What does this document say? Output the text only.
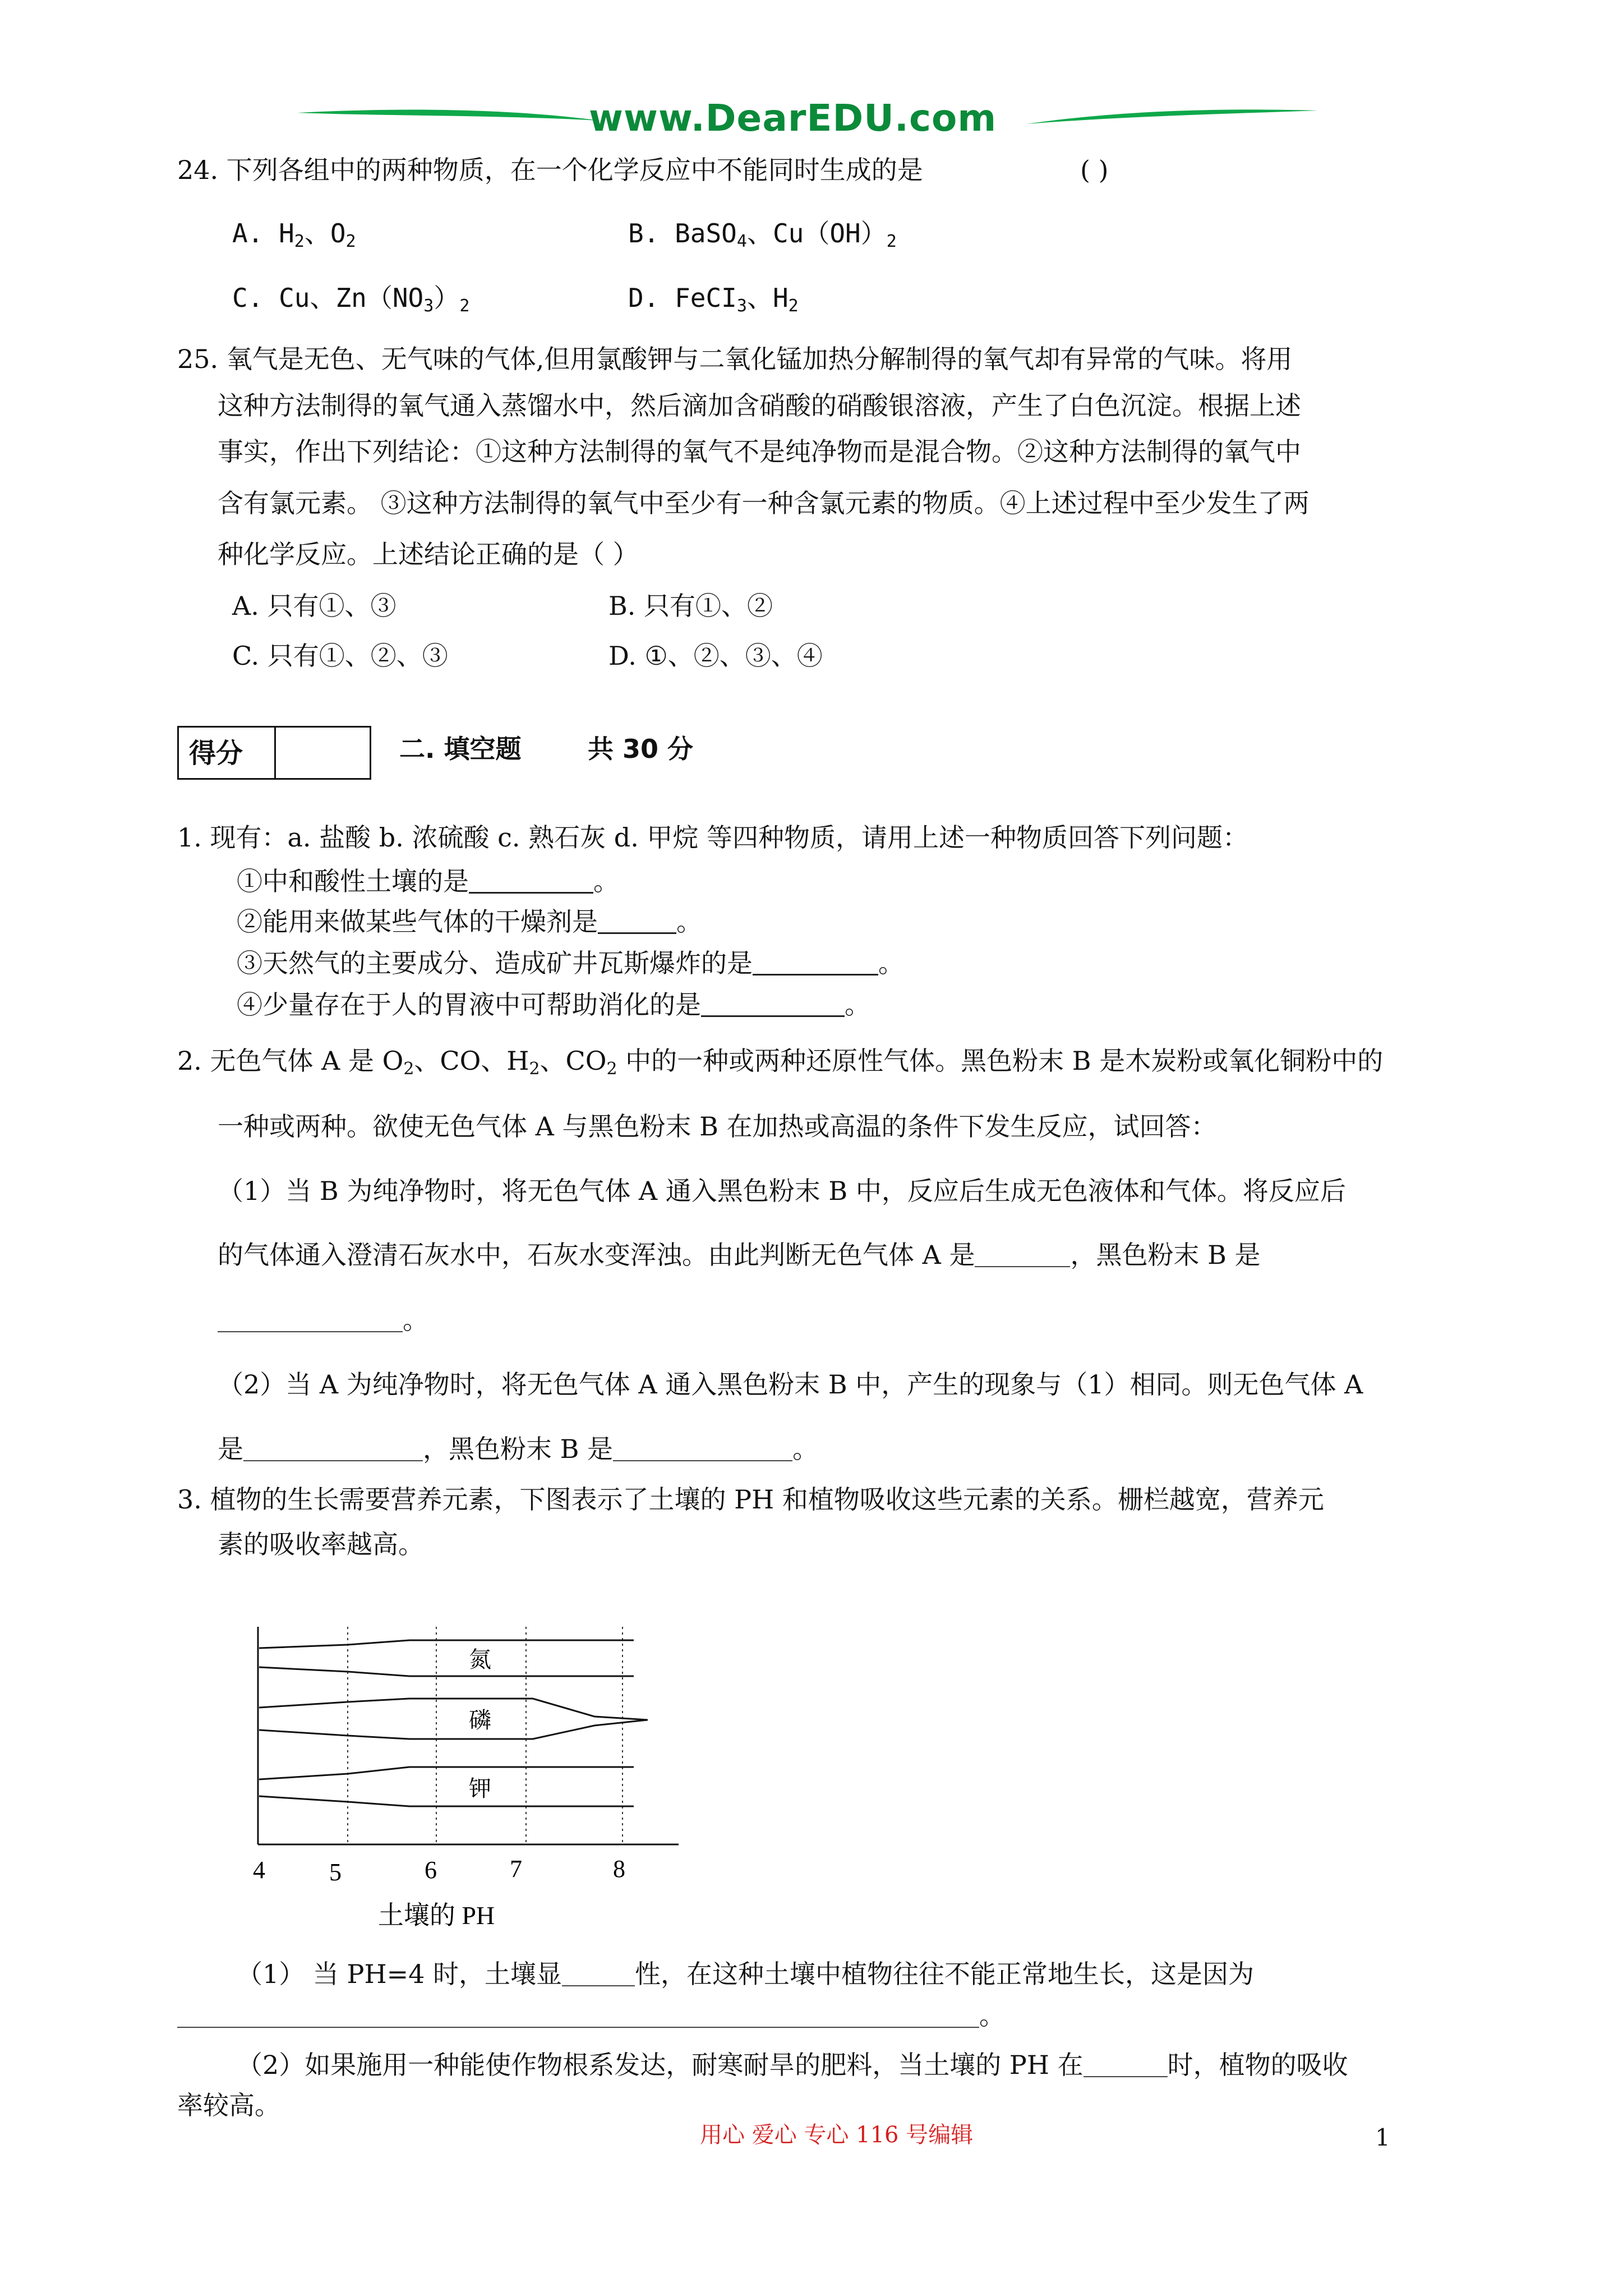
www.DearEDU.com
24. 下列各组中的两种物质，在一个化学反应中不能同时生成的是	( )
A. $H_2$、$O_2$	B. BaSO$_4$、$Cu(OH)_2$
C. Cu、$Zn(NO_3)_2$	D. FeCI$_3$、$H_2$
25. 氧气是无色、无气味的气体,但用氯酸钾与二氧化锰加热分解制得的氧气却有异常的气味。将用
这种方法制得的氧气通入蒸馏水中，然后滴加含硝酸的硝酸银溶液，产生了白色沉淀。根据上述
事实，作出下列结论：①这种方法制得的氧气不是纯净物而是混合物。②这种方法制得的氧气中
含有氯元素。 ③这种方法制得的氧气中至少有一种含氯元素的物质。④上述过程中至少发生了两
种化学反应。上述结论正确的是（ ）
A. 只有①、③	B. 只有①、②
C. 只有①、②、③	D. ①、②、③、④
得分	二. 填空题	共 30 分
1. 现有：a. 盐酸 b. 浓硫酸 c. 熟石灰 d. 甲烷 等四种物质，请用上述一种物质回答下列问题：
①中和酸性土壤的是	。
②能用来做某些气体的干燥剂是	。
③天然气的主要成分、造成矿井瓦斯爆炸的是	。
④少量存在于人的胃液中可帮助消化的是	。
2. 无色气体 A 是 $O_2$、CO、$H_2$、$CO_2$ 中的一种或两种还原性气体。黑色粉末 B 是木炭粉或氧化铜粉中的
一种或两种。欲使无色气体 A 与黑色粉末 B 在加热或高温的条件下发生反应，试回答：
（1）当 B 为纯净物时，将无色气体 A 通入黑色粉末 B 中，反应后生成无色液体和气体。将反应后
的气体通入澄清石灰水中，石灰水变浑浊。由此判断无色气体 A 是	，黑色粉末 B 是
。
（2）当 A 为纯净物时，将无色气体 A 通入黑色粉末 B 中，产生的现象与（1）相同。则无色气体 A
是	，黑色粉末 B 是	。
3. 植物的生长需要营养元素，下图表示了土壤的 PH 和植物吸收这些元素的关系。栅栏越宽，营养元
素的吸收率越高。
氮
磷
钾
4	5	6	7	8
土壤的 PH
（1） 当 PH=4 时，土壤显	性，在这种土壤中植物往往不能正常地生长，这是因为
。
（2）如果施用一种能使作物根系发达，耐寒耐旱的肥料，当土壤的 PH 在	时，植物的吸收
率较高。
用心 爱心 专心 116 号编辑	1
